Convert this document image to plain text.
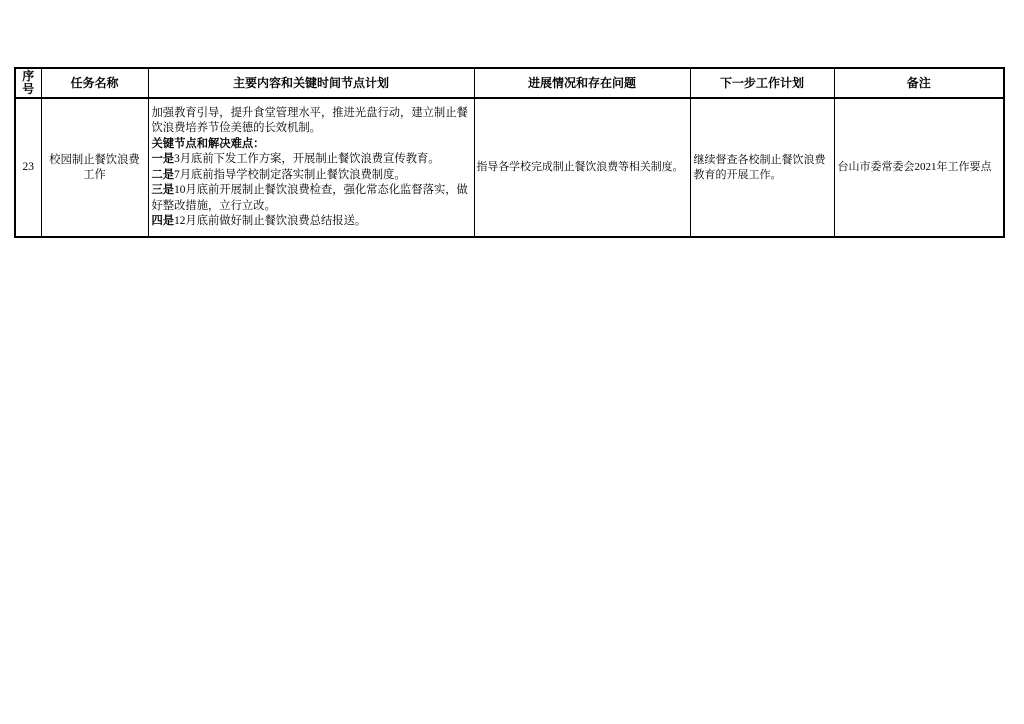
序号	任务名称	主要内容和关键时间节点计划	进展情况和存在问题	下一步工作计划	备注
23	校园制止餐饮浪费工作	
加强教育引导，提升食堂管理水平，推进光盘行动，建立制止餐饮浪费培养节俭美德的长效机制。
关键节点和解决难点：
一是3月底前下发工作方案，开展制止餐饮浪费宣传教育。
二是7月底前指导学校制定落实制止餐饮浪费制度。
三是10月底前开展制止餐饮浪费检查，强化常态化监督落实，做好整改措施，立行立改。
四是12月底前做好制止餐饮浪费总结报送。
	指导各学校完成制止餐饮浪费等相关制度。	继续督查各校制止餐饮浪费教育的开展工作。	台山市委常委会2021年工作要点
